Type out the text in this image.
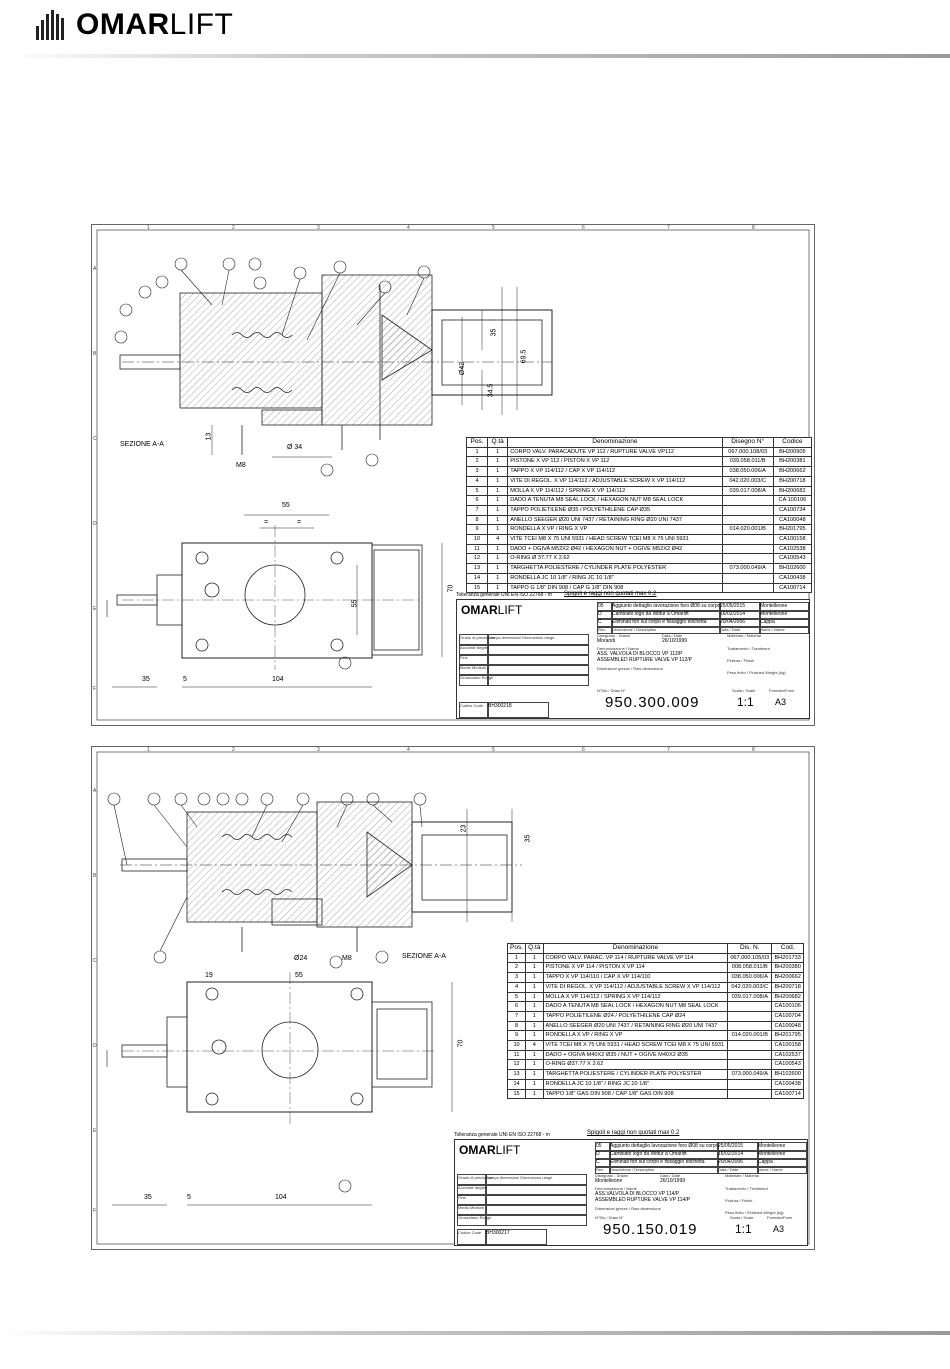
OMARLIFT
1	2	3	4	5	6	7	8
A
B
C
D
E
F
SEZIONE A-A
35
69.5
34.5
Ø42
Ø 34
13
M8
55
=	=
70
55
35	5	104
Pos.	Q.tà	Denominazione	Disegno N°	Codice
1	1	CORPO VALV. PARACADUTE VP 112 / RUPTURE VALVE VP112	067.000.108/03	BH200905
2	1	PISTONE X VP 112 / PISTON X VP 112	039.058.011/B	BH200381
3	1	TAPPO X VP 114/112 / CAP X VP 114/112	038.050.006/A	BH200662
4	1	VITE DI REGOL. X VP 114/112 / ADJUSTABLE SCREW X VP 114/112	042.020.003/C	BH200718
5	1	MOLLA X VP 114/112 / SPRING X VP 114/112	039.017.008/A	BH200682
6	1	DADO A TENUTA M8 SEAL LOCK / HEXAGON NUT M8 SEAL LOCK		CA 100106
7	1	TAPPO POLIETILENE Ø35 / POLYETHILENE CAP Ø35		CA100734
8	1	ANELLO SEEGER Ø20 UNI 7437 / RETAINING RING Ø20 UNI 7437		CA100048
9	1	RONDELLA X VP / RING X VP	014.020.001/B	BH201795
10	4	VITE TCEI M8 X 75 UNI 5931 / HEAD SCREW TCEI M8 X 75 UNI 5931		CA100158
11	1	DADO + OGIVA M52X2 Ø42 / HEXAGON NUT + OGIVE M52X2 Ø42		CA102538
12	1	O-RING Ø 37.77 X 2.62		CA100543
13	1	TARGHETTA POLIESTERE / CYLINDER PLATE POLYESTER	073.000.049/A	BH102600
14	1	RONDELLA JC 10 1/8" / RING JC 10 1/8"		CA100438
15	1	TAPPO G 1/8" DIN 908 / CAP G 1/8" DIN 908		CA100714
Tolleranza generale UNI EN ISO 22768 - m Spigoli e raggi non quotati max 0.2
OMARLIFT	05	Aggiunto dettaglio lavorazione foro Ø08 su corpo 25/05/2015	Montelleone
D	Cambiato logo da Wittur a Omarlift	16/02/2014	Montelleone
C	Eliminati fori sul corpo e fissaggio etichetta	20/04/2006	Cappa
Rev.	Descrizione / Description	Data / Date	Nome / Name
Disegnato - Drawn
Morandi
Data / Date
26/10/1999
Materiale / Material
Denominazione / Name
ASS. VALVOLA DI BLOCCO VP 112/P
ASSEMBLED RUPTURE VALVE VP 112/P
Trattamento / Treatment
Finitura / Finish
Dimensioni grezze / Raw dimensions
Peso finito / Finished Weight (kg)
Grado di precisione
Campo dimensioni Dimensions range
Accurate degree
Fine
Medio Medium
Grossolano Rough
Codice Code BH300218
N°Dis / Draw N°
950.300.009
Scala / Scale
1:1
Formato/Form
A3
1	2	3	4	5	6	7	8
A
B
C
D
E
F
SEZIONE A-A
35
23
Ø24	M8
19	55
70
35	5	104
Pos.	Q.tà	Denominazione	Dis. N.	Cod.
1	1	CORPO VALV. PARAC. VP 114 / RUPTURE VALVE VP 114	067.000.105/03	BH201733
2	1	PISTONE X VP 114 / PISTON X VP 114	008.058.011/B	BH200380
3	1	TAPPO X VP 114/110 / CAP X VP 114/110	038.050.006/A	BH200662
4	1	VITE DI REGOL. X VP 114/112 / ADJUSTABLE SCREW X VP 114/112	042.020.003/C	BH200718
5	1	MOLLA X VP 114/112 / SPRING X VP 114/112	039.017.008/A	BH200682
6	1	DADO A TENUTA M8 SEAL LOCK / HEXAGON NUT M8 SEAL LOCK		CA100106
7	1	TAPPO POLIETILENE Ø24 / POLYETHILENE CAP Ø24		CA100704
8	1	ANELLO SEEGER Ø20 UNI 7437 / RETAINING RING Ø20 UNI 7437		CA100048
9	1	RONDELLA X VP / RING X VP	014.020.001/B	BH201795
10	4	VITE TCEI M8 X 75 UNI 5931 / HEAD SCREW TCEI M8 X 75 UNI 5931		CA100158
11	1	DADO + OGIVA M40X2 Ø35 / NUT + OGIVE M40X2 Ø35		CA102537
12	1	O-RING Ø37.77 X 2.62		CA100543
13	1	TARGHETTA POLIESTERE / CYLINDER PLATE POLYESTER	073.000.049/A	BH102600
14	1	RONDELLA JC 10 1/8" / RING JC 10 1/8"		CA100438
15	1	TAPPO 1/8" GAS DIN 908 / CAP 1/8" GAS DIN 908		CA100714
Tolleranza generale UNI EN ISO 22768 - m	Spigoli e raggi non quotati max 0.2
OMARLIFT	05	Aggiunto dettaglio lavorazione foro Ø08 su corpo 25/05/2015	Montelleone
D	Cambiato logo da Wittur a Omarlift	16/02/2014	Montelleone
C	Eliminati fori sul corpo e fissaggio etichetta	20/04/2006	Cappa
Rev.	Descrizione / Description	Data / Date	Nome / Name
Disegnato - Drawn
Montelleone
Data / Date
26/10/1999
Materiale / Material
Denominazione / Name
ASS.VALVOLA DI BLOCCO VP 114/P
ASSEMBLED RUPTURE VALVE VP 114/P
Trattamento / Treatment
Finitura / Finish
Dimensioni grezze / Raw dimensions
Peso finito / Finished Weight (kg)
Grado di precisione
Campo dimensioni Dimensions range
Accurate degree
Fine
Medio Medium
Grossolano Rough
Codice Code BH300217
N°Dis / Draw N°
950.150.019
Scala / Scale
1:1
Formato/Form
A3
